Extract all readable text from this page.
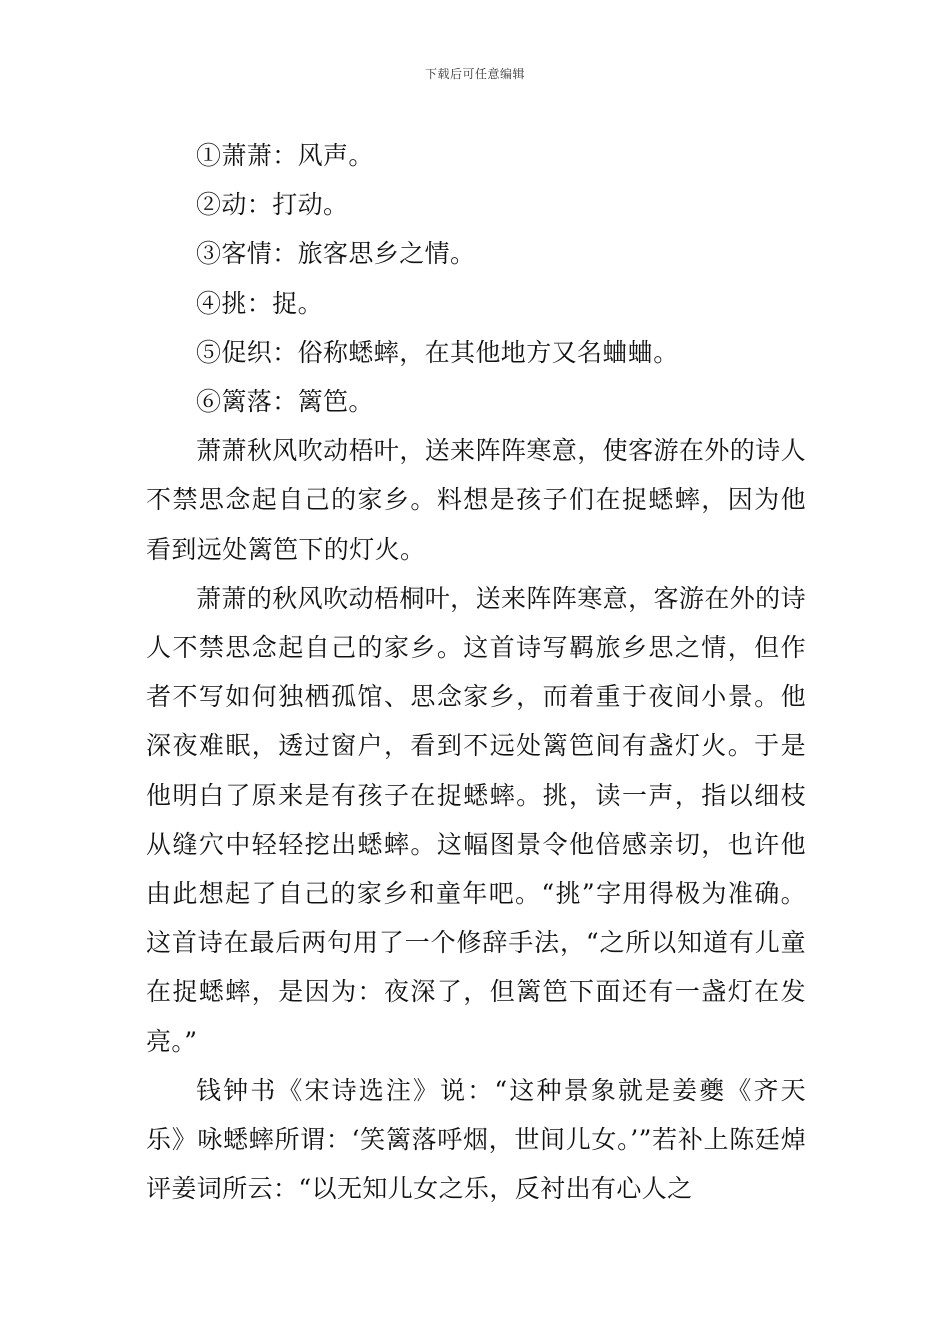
下载后可任意编辑

①萧萧：风声。

②动：打动。

③客情：旅客思乡之情。

④挑：捉。

⑤促织：俗称蟋蟀，在其他地方又名蛐蛐。

⑥篱落：篱笆。

萧萧秋风吹动梧叶，送来阵阵寒意，使客游在外的诗人不禁思念起自己的家乡。料想是孩子们在捉蟋蟀，因为他看到远处篱笆下的灯火。

萧萧的秋风吹动梧桐叶，送来阵阵寒意，客游在外的诗人不禁思念起自己的家乡。这首诗写羁旅乡思之情，但作者不写如何独栖孤馆、思念家乡，而着重于夜间小景。他深夜难眠，透过窗户，看到不远处篱笆间有盏灯火。于是他明白了原来是有孩子在捉蟋蟀。挑，读一声，指以细枝从缝穴中轻轻挖出蟋蟀。这幅图景令他倍感亲切，也许他由此想起了自己的家乡和童年吧。“挑”字用得极为准确。这首诗在最后两句用了一个修辞手法，“之所以知道有儿童在捉蟋蟀，是因为：夜深了，但篱笆下面还有一盏灯在发亮。”

钱钟书《宋诗选注》说：“这种景象就是姜夔《齐天乐》咏蟋蟀所谓：‘笑篱落呼烟，世间儿女。’”若补上陈廷焯评姜词所云：“以无知儿女之乐，反衬出有心人之
